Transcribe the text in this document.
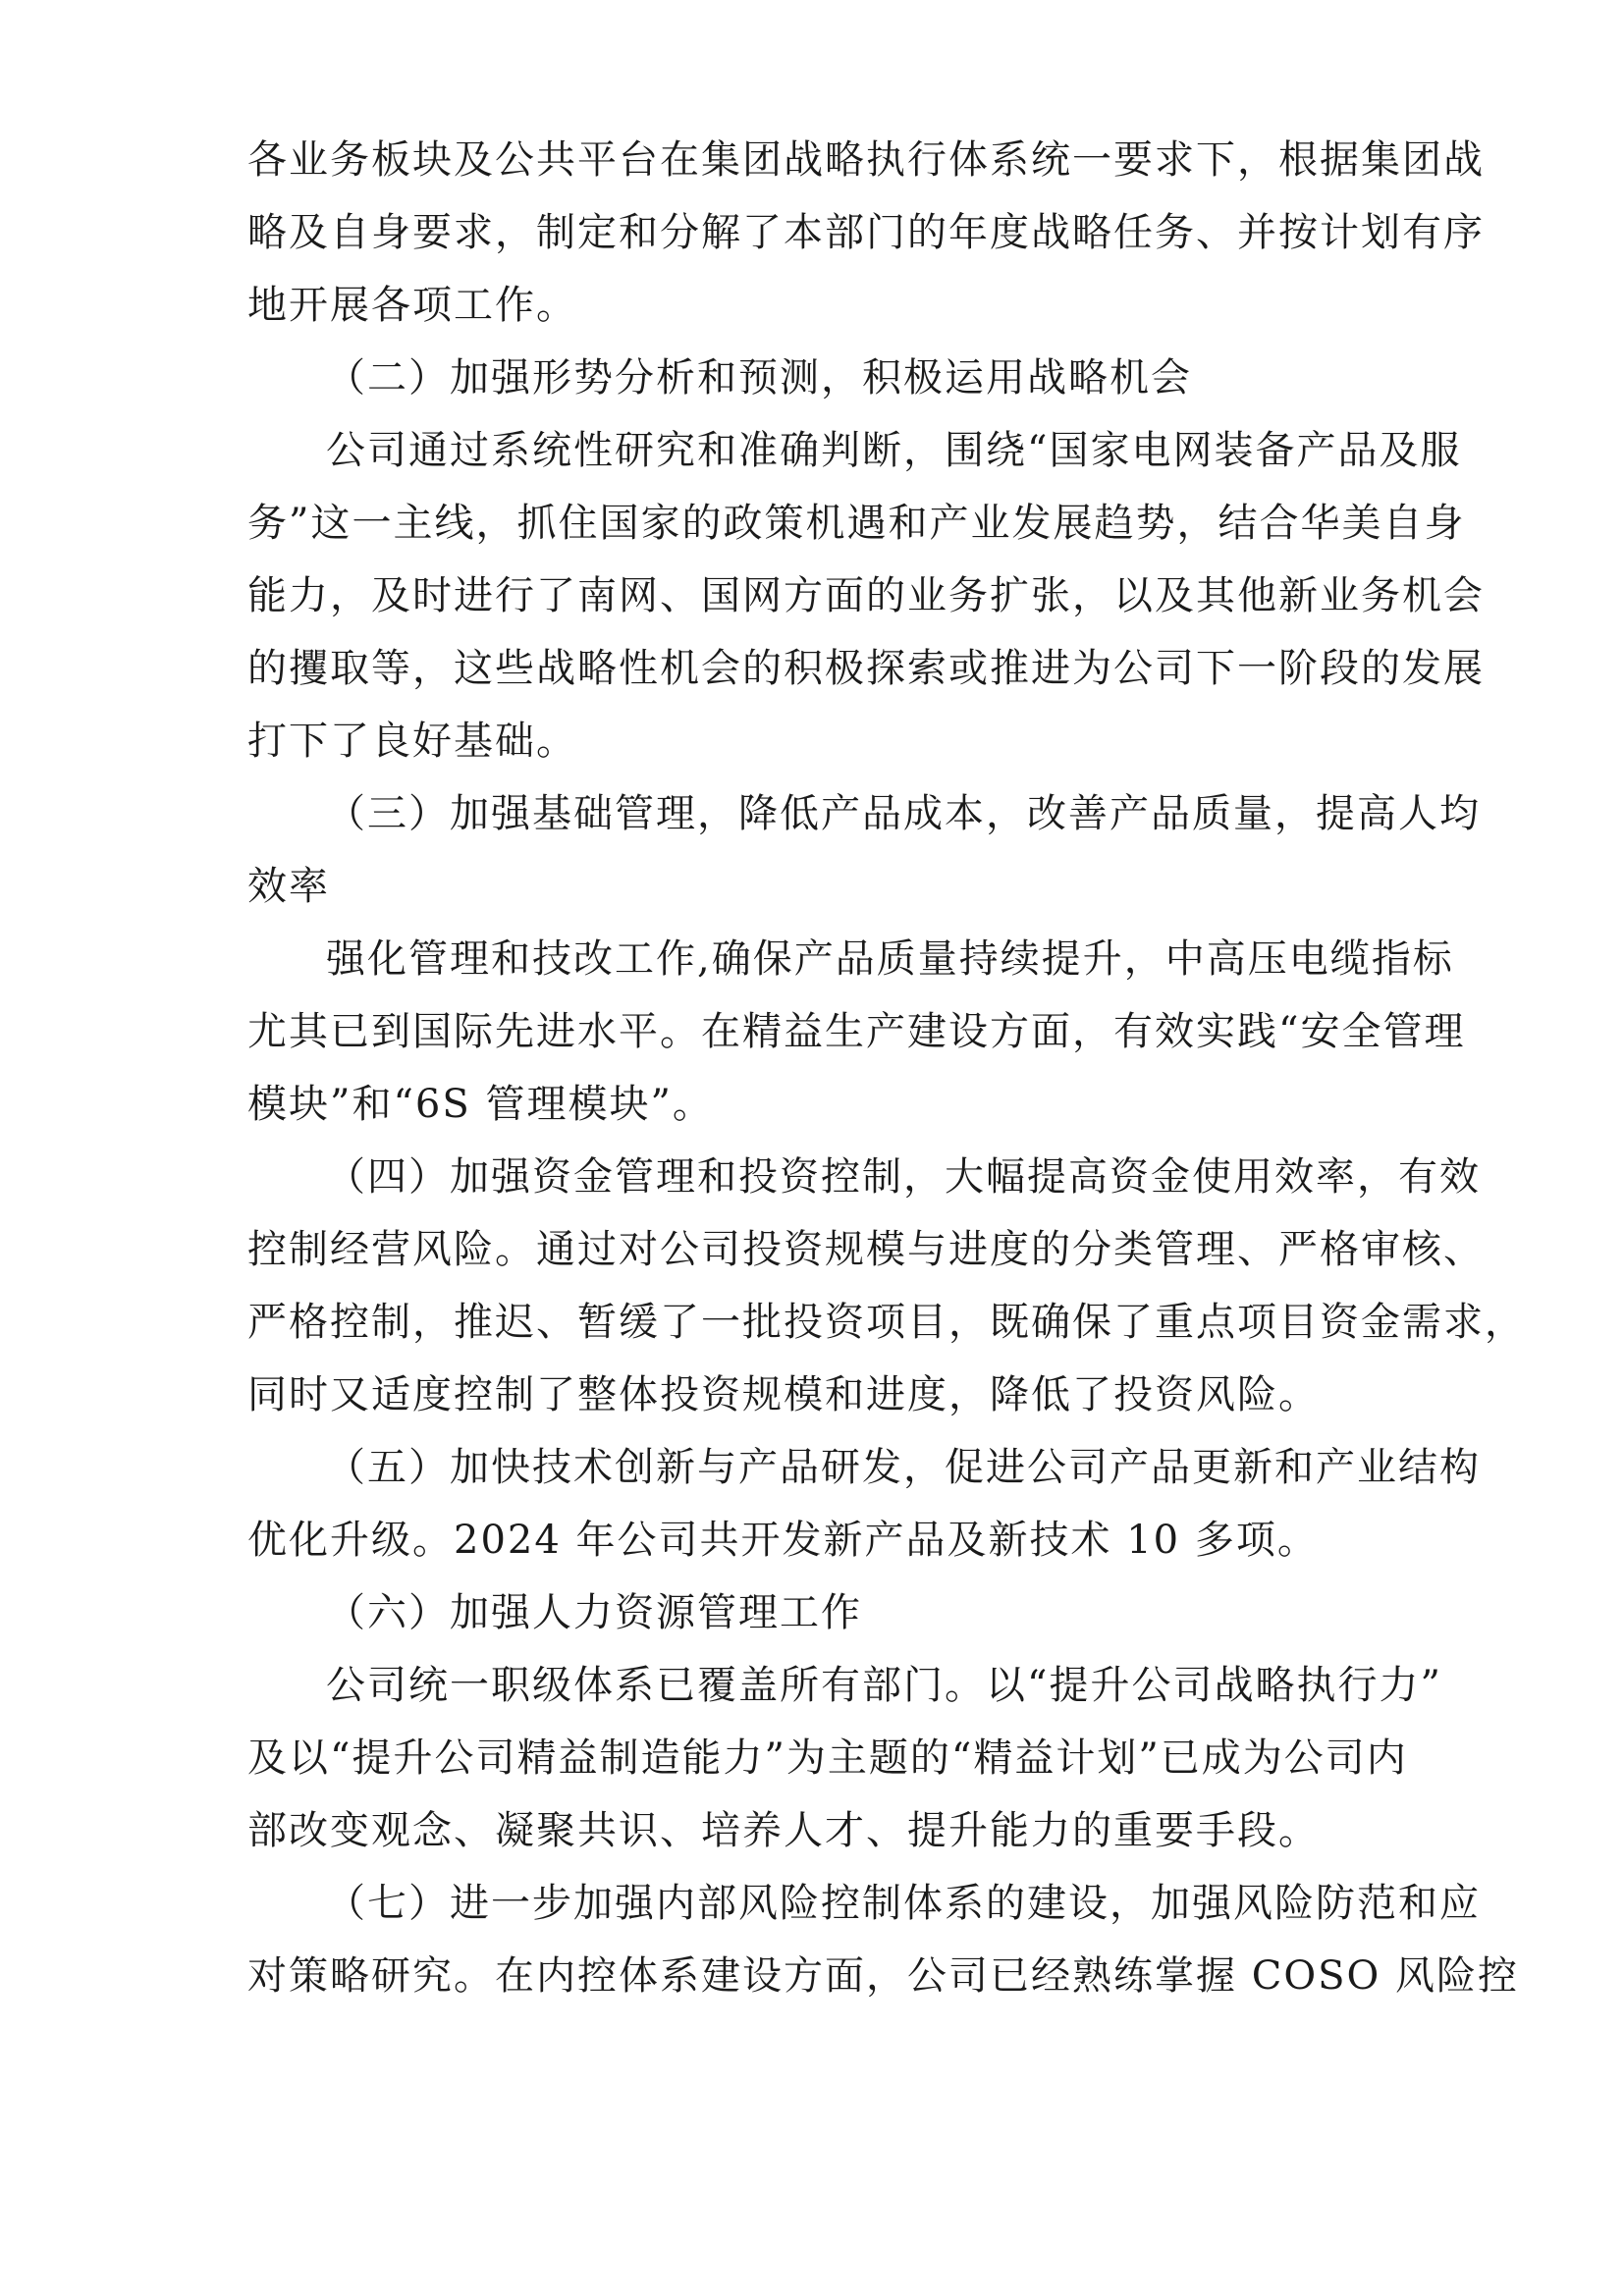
各业务板块及公共平台在集团战略执行体系统一要求下，根据集团战
略及自身要求，制定和分解了本部门的年度战略任务、并按计划有序
地开展各项工作。
（二）加强形势分析和预测，积极运用战略机会
公司通过系统性研究和准确判断，围绕“国家电网装备产品及服
务”这一主线，抓住国家的政策机遇和产业发展趋势，结合华美自身
能力，及时进行了南网、国网方面的业务扩张，以及其他新业务机会
的攫取等，这些战略性机会的积极探索或推进为公司下一阶段的发展
打下了良好基础。
（三）加强基础管理，降低产品成本，改善产品质量，提高人均
效率
强化管理和技改工作,确保产品质量持续提升，中高压电缆指标
尤其已到国际先进水平。在精益生产建设方面，有效实践“安全管理
模块”和“6S 管理模块”。
（四）加强资金管理和投资控制，大幅提高资金使用效率，有效
控制经营风险。通过对公司投资规模与进度的分类管理、严格审核、
严格控制，推迟、暂缓了一批投资项目，既确保了重点项目资金需求，
同时又适度控制了整体投资规模和进度，降低了投资风险。
（五）加快技术创新与产品研发，促进公司产品更新和产业结构
优化升级。2024 年公司共开发新产品及新技术 10 多项。
（六）加强人力资源管理工作
公司统一职级体系已覆盖所有部门。以“提升公司战略执行力”
及以“提升公司精益制造能力”为主题的“精益计划”已成为公司内
部改变观念、凝聚共识、培养人才、提升能力的重要手段。
（七）进一步加强内部风险控制体系的建设，加强风险防范和应
对策略研究。在内控体系建设方面，公司已经熟练掌握 COSO 风险控
